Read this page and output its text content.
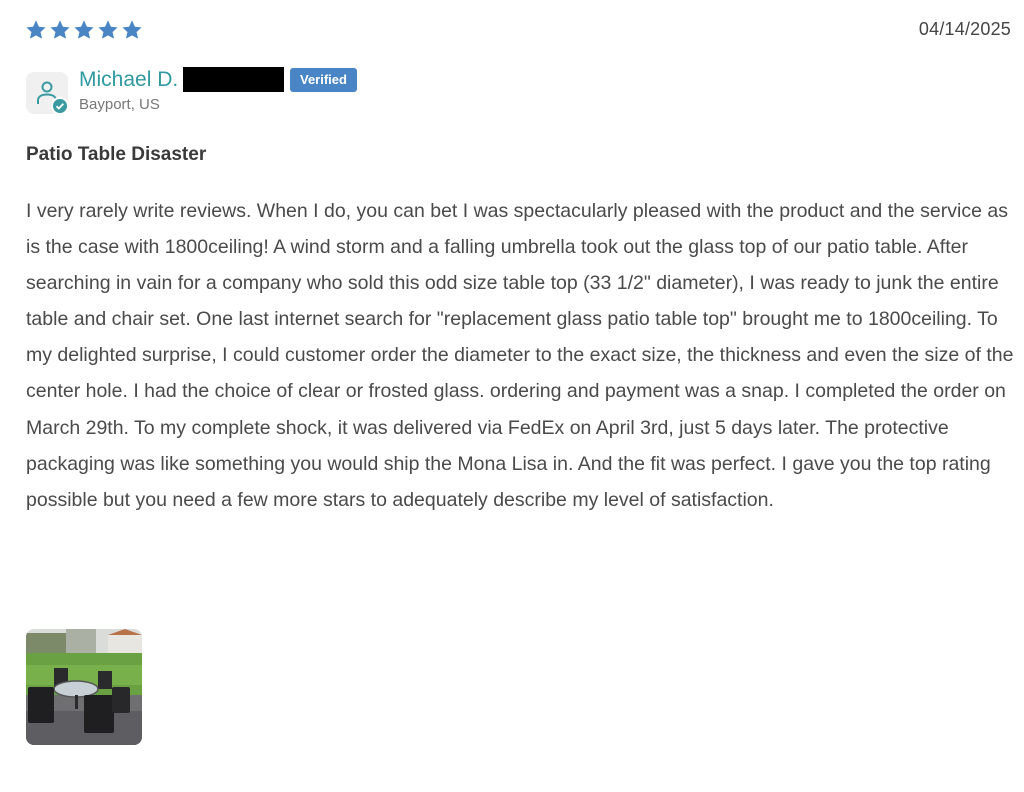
04/14/2025
Michael D.	Verified
Bayport, US
Patio Table Disaster

I very rarely write reviews. When I do, you can bet I was spectacularly pleased with the product and the service as is the case with 1800ceiling! A wind storm and a falling umbrella took out the glass top of our patio table. After searching in vain for a company who sold this odd size table top (33 1/2" diameter), I was ready to junk the entire table and chair set. One last internet search for "replacement glass patio table top" brought me to 1800ceiling. To my delighted surprise, I could customer order the diameter to the exact size, the thickness and even the size of the center hole. I had the choice of clear or frosted glass. ordering and payment was a snap. I completed the order on March 29th. To my complete shock, it was delivered via FedEx on April 3rd, just 5 days later. The protective packaging was like something you would ship the Mona Lisa in. And the fit was perfect. I gave you the top rating possible but you need a few more stars to adequately describe my level of satisfaction.
